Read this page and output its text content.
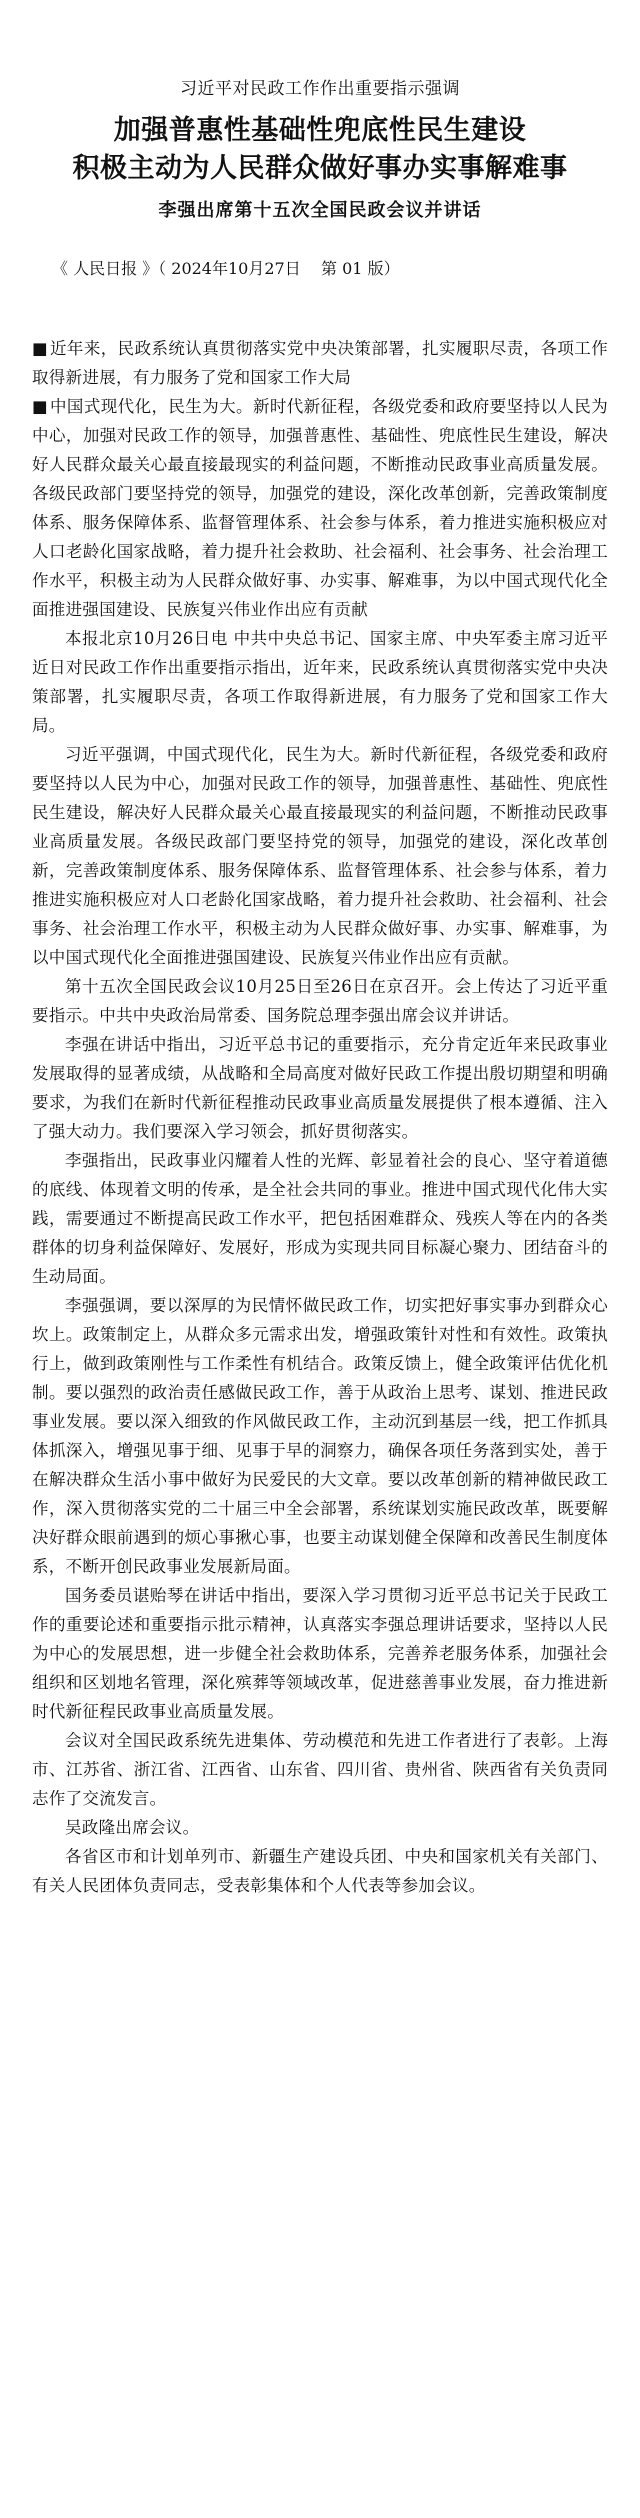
习近平对民政工作作出重要指示强调
加强普惠性基础性兜底性民生建设
积极主动为人民群众做好事办实事解难事
李强出席第十五次全国民政会议并讲话
《 人民日报 》（ 2024年10月27日    第 01 版）

■ 近年来，民政系统认真贯彻落实党中央决策部署，扎实履职尽责，各项工作取得新进展，有力服务了党和国家工作大局

■ 中国式现代化，民生为大。新时代新征程，各级党委和政府要坚持以人民为中心，加强对民政工作的领导，加强普惠性、基础性、兜底性民生建设，解决好人民群众最关心最直接最现实的利益问题，不断推动民政事业高质量发展。各级民政部门要坚持党的领导，加强党的建设，深化改革创新，完善政策制度体系、服务保障体系、监督管理体系、社会参与体系，着力推进实施积极应对人口老龄化国家战略，着力提升社会救助、社会福利、社会事务、社会治理工作水平，积极主动为人民群众做好事、办实事、解难事，为以中国式现代化全面推进强国建设、民族复兴伟业作出应有贡献

本报北京10月26日电 中共中央总书记、国家主席、中央军委主席习近平近日对民政工作作出重要指示指出，近年来，民政系统认真贯彻落实党中央决策部署，扎实履职尽责，各项工作取得新进展，有力服务了党和国家工作大局。

习近平强调，中国式现代化，民生为大。新时代新征程，各级党委和政府要坚持以人民为中心，加强对民政工作的领导，加强普惠性、基础性、兜底性民生建设，解决好人民群众最关心最直接最现实的利益问题，不断推动民政事业高质量发展。各级民政部门要坚持党的领导，加强党的建设，深化改革创新，完善政策制度体系、服务保障体系、监督管理体系、社会参与体系，着力推进实施积极应对人口老龄化国家战略，着力提升社会救助、社会福利、社会事务、社会治理工作水平，积极主动为人民群众做好事、办实事、解难事，为以中国式现代化全面推进强国建设、民族复兴伟业作出应有贡献。

第十五次全国民政会议10月25日至26日在京召开。会上传达了习近平重要指示。中共中央政治局常委、国务院总理李强出席会议并讲话。

李强在讲话中指出，习近平总书记的重要指示，充分肯定近年来民政事业发展取得的显著成绩，从战略和全局高度对做好民政工作提出殷切期望和明确要求，为我们在新时代新征程推动民政事业高质量发展提供了根本遵循、注入了强大动力。我们要深入学习领会，抓好贯彻落实。

李强指出，民政事业闪耀着人性的光辉、彰显着社会的良心、坚守着道德的底线、体现着文明的传承，是全社会共同的事业。推进中国式现代化伟大实践，需要通过不断提高民政工作水平，把包括困难群众、残疾人等在内的各类群体的切身利益保障好、发展好，形成为实现共同目标凝心聚力、团结奋斗的生动局面。

李强强调，要以深厚的为民情怀做民政工作，切实把好事实事办到群众心坎上。政策制定上，从群众多元需求出发，增强政策针对性和有效性。政策执行上，做到政策刚性与工作柔性有机结合。政策反馈上，健全政策评估优化机制。要以强烈的政治责任感做民政工作，善于从政治上思考、谋划、推进民政事业发展。要以深入细致的作风做民政工作，主动沉到基层一线，把工作抓具体抓深入，增强见事于细、见事于早的洞察力，确保各项任务落到实处，善于在解决群众生活小事中做好为民爱民的大文章。要以改革创新的精神做民政工作，深入贯彻落实党的二十届三中全会部署，系统谋划实施民政改革，既要解决好群众眼前遇到的烦心事揪心事，也要主动谋划健全保障和改善民生制度体系，不断开创民政事业发展新局面。

国务委员谌贻琴在讲话中指出，要深入学习贯彻习近平总书记关于民政工作的重要论述和重要指示批示精神，认真落实李强总理讲话要求，坚持以人民为中心的发展思想，进一步健全社会救助体系，完善养老服务体系，加强社会组织和区划地名管理，深化殡葬等领域改革，促进慈善事业发展，奋力推进新时代新征程民政事业高质量发展。

会议对全国民政系统先进集体、劳动模范和先进工作者进行了表彰。上海市、江苏省、浙江省、江西省、山东省、四川省、贵州省、陕西省有关负责同志作了交流发言。

吴政隆出席会议。

各省区市和计划单列市、新疆生产建设兵团、中央和国家机关有关部门、有关人民团体负责同志，受表彰集体和个人代表等参加会议。
